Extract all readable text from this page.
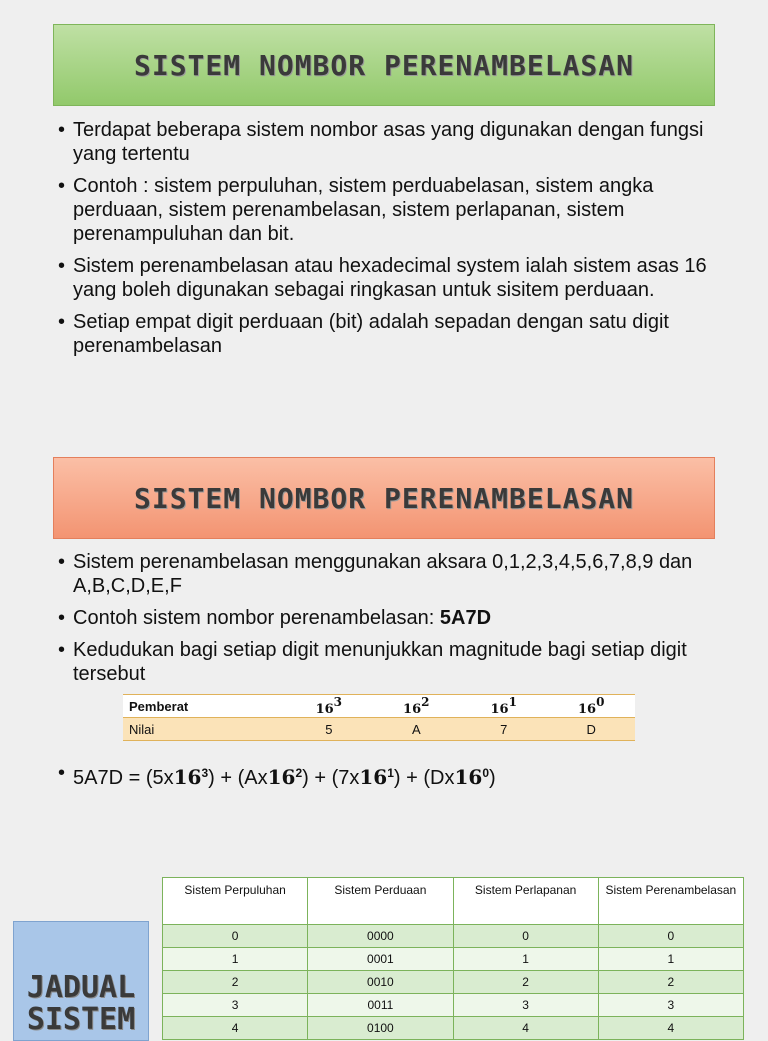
SISTEM NOMBOR PERENAMBELASAN
• Terdapat beberapa sistem nombor asas yang digunakan dengan fungsi yang tertentu
• Contoh : sistem perpuluhan, sistem perduabelasan, sistem angka perduaan, sistem perenambelasan, sistem perlapanan, sistem perenampuluhan dan bit.
• Sistem perenambelasan atau hexadecimal system ialah sistem asas 16 yang boleh digunakan sebagai ringkasan untuk sisitem perduaan.
• Setiap empat digit perduaan (bit) adalah sepadan dengan satu digit perenambelasan
SISTEM NOMBOR PERENAMBELASAN
• Sistem perenambelasan menggunakan aksara 0,1,2,3,4,5,6,7,8,9 dan A,B,C,D,E,F
• Contoh sistem nombor perenambelasan: 5A7D
• Kedudukan bagi setiap digit menunjukkan magnitude bagi setiap digit tersebut
Pemberat	163	162	161	160
Nilai	5	A	7	D
• $5A7D = (5x16^3) + (Ax16^2) + (7x16^1) + (Dx16^0)$
JADUAL
SISTEM
Sistem Perpuluhan	Sistem Perduaan	Sistem Perlapanan	Sistem Perenambelasan
0	0000	0	0
1	0001	1	1
2	0010	2	2
3	0011	3	3
4	0100	4	4
